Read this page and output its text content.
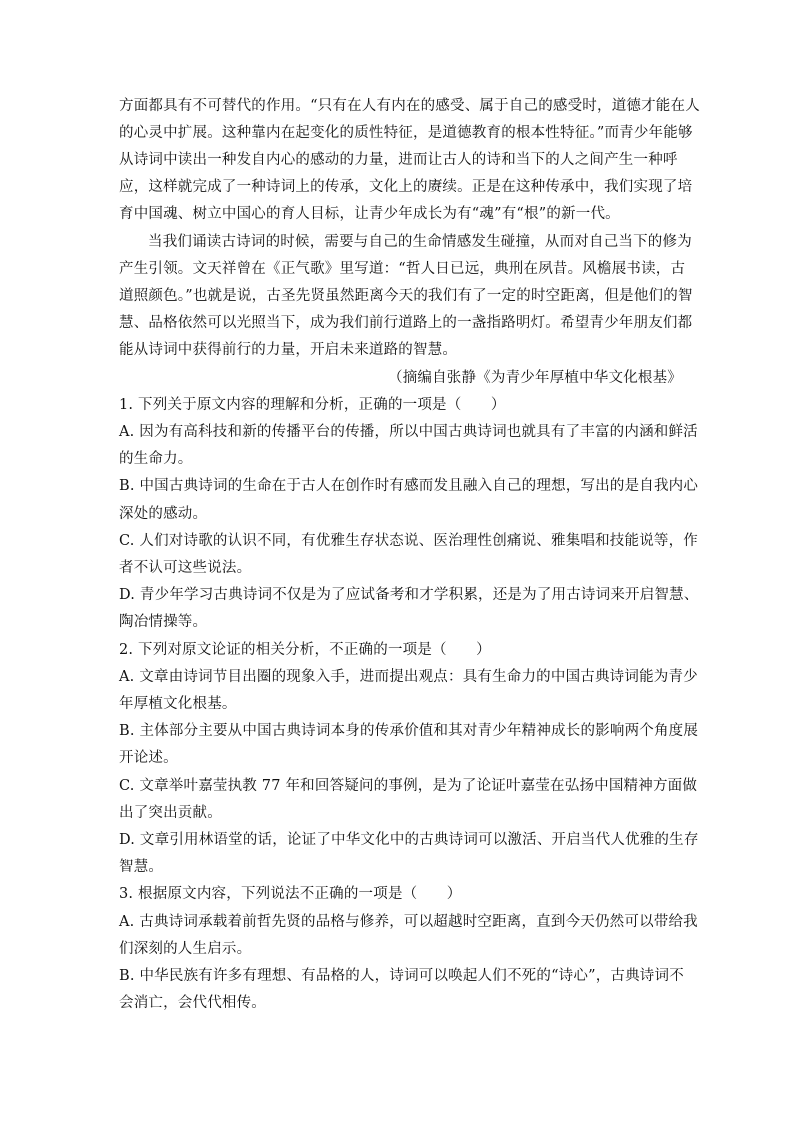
方面都具有不可替代的作用。“只有在人有内在的感受、属于自己的感受时，道德才能在人
的心灵中扩展。这种靠内在起变化的质性特征，是道德教育的根本性特征。”而青少年能够
从诗词中读出一种发自内心的感动的力量，进而让古人的诗和当下的人之间产生一种呼
应，这样就完成了一种诗词上的传承，文化上的赓续。正是在这种传承中，我们实现了培
育中国魂、树立中国心的育人目标，让青少年成长为有“魂”有“根”的新一代。
当我们诵读古诗词的时候，需要与自己的生命情感发生碰撞，从而对自己当下的修为
产生引领。文天祥曾在《正气歌》里写道：“哲人日已远，典刑在夙昔。风檐展书读，古
道照颜色。”也就是说，古圣先贤虽然距离今天的我们有了一定的时空距离，但是他们的智
慧、品格依然可以光照当下，成为我们前行道路上的一盏指路明灯。希望青少年朋友们都
能从诗词中获得前行的力量，开启未来道路的智慧。
（摘编自张静《为青少年厚植中华文化根基》
1. 下列关于原文内容的理解和分析，正确的一项是（　　）
A. 因为有高科技和新的传播平台的传播，所以中国古典诗词也就具有了丰富的内涵和鲜活
的生命力。
B. 中国古典诗词的生命在于古人在创作时有感而发且融入自己的理想，写出的是自我内心
深处的感动。
C. 人们对诗歌的认识不同，有优雅生存状态说、医治理性创痛说、雅集唱和技能说等，作
者不认可这些说法。
D. 青少年学习古典诗词不仅是为了应试备考和才学积累，还是为了用古诗词来开启智慧、
陶冶情操等。
2. 下列对原文论证的相关分析，不正确的一项是（　　）
A. 文章由诗词节目出圈的现象入手，进而提出观点：具有生命力的中国古典诗词能为青少
年厚植文化根基。
B. 主体部分主要从中国古典诗词本身的传承价值和其对青少年精神成长的影响两个角度展
开论述。
C. 文章举叶嘉莹执教 77 年和回答疑问的事例，是为了论证叶嘉莹在弘扬中国精神方面做
出了突出贡献。
D. 文章引用林语堂的话，论证了中华文化中的古典诗词可以激活、开启当代人优雅的生存
智慧。
3. 根据原文内容，下列说法不正确的一项是（　　）
A. 古典诗词承载着前哲先贤的品格与修养，可以超越时空距离，直到今天仍然可以带给我
们深刻的人生启示。
B. 中华民族有许多有理想、有品格的人，诗词可以唤起人们不死的“诗心”，古典诗词不
会消亡，会代代相传。
